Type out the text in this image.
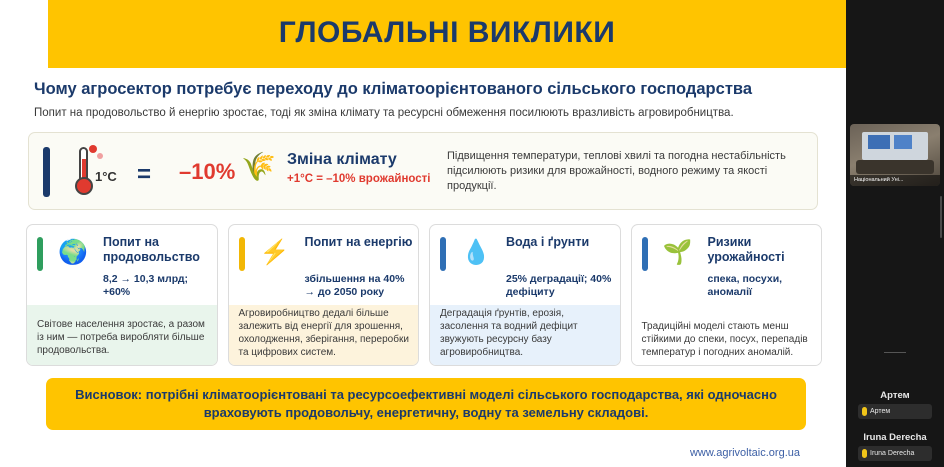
ГЛОБАЛЬНІ ВИКЛИКИ
Чому агросектор потребує переходу до кліматоорієнтованого сільського господарства
Попит на продовольство й енергію зростає, тоді як зміна клімату та ресурсні обмеження посилюють вразливість агровиробництва.
1°C = –10% 🌾 Зміна клімату
+1°C = –10% врожайності
Підвищення температури, теплові хвилі та погодна нестабільність підсилюють ризики для врожайності, водного режиму та якості продукції.
🌍	Попит на продовольство
8,2 → 10,3 млрд; +60%
Світове населення зростає, а разом із ним — потреба виробляти більше продовольства.
⚡	Попит на енергію
збільшення на 40% → до 2050 року
Агровиробництво дедалі більше залежить від енергії для зрошення, охолодження, зберігання, переробки та цифрових систем.
💧	Вода і ґрунти
25% деградації; 40% дефіциту
Деградація ґрунтів, ерозія, засолення та водний дефіцит звужують ресурсну базу агровиробництва.
🌱	Ризики урожайності
спека, посухи, аномалії
Традиційні моделі стають менш стійкими до спеки, посух, перепадів температур і погодних аномалій.
Висновок: потрібні кліматоорієнтовані та ресурсоефективні моделі сільського господарства, які одночасно враховують продовольчу, енергетичну, водну та земельну складові.
www.agrivoltaic.org.ua
Національний Уні...
Артем
Артем
Iruna Derecha
Iruna Derecha
